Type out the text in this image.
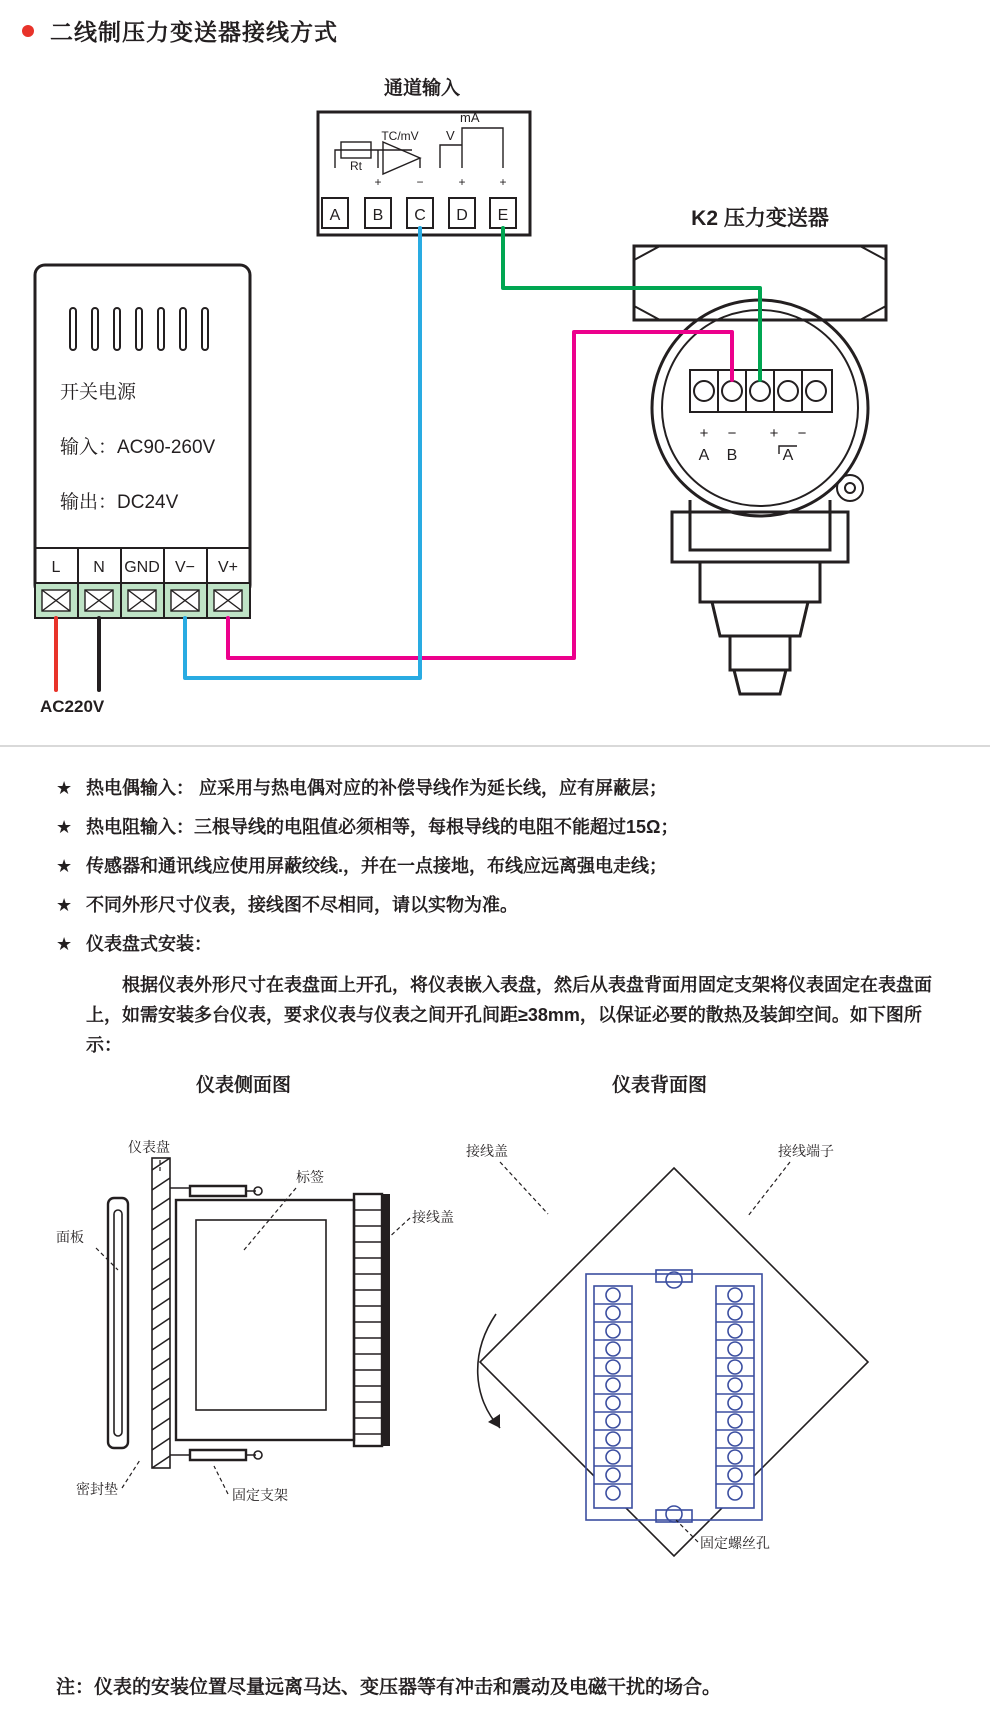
二线制压力变送器接线方式
通道输入
Rt
TC/mV
+	−	+	+
V
mA
A B C D E
开关电源
输入：AC90-260V
输出：DC24V
L N GND V− V+
AC220V
K2 压力变送器
+ − + −
A B	A
★ 热电偶输入： 应采用与热电偶对应的补偿导线作为延长线，应有屏蔽层；
★ 热电阻输入：三根导线的电阻值必须相等，每根导线的电阻不能超过15Ω；
★ 传感器和通讯线应使用屏蔽绞线.，并在一点接地，布线应远离强电走线；
★ 不同外形尺寸仪表，接线图不尽相同，请以实物为准。
★ 仪表盘式安装：
根据仪表外形尺寸在表盘面上开孔，将仪表嵌入表盘，然后从表盘背面用固定支架将仪表固定在表盘面上，如需安装多台仪表，要求仪表与仪表之间开孔间距≥38mm，以保证必要的散热及装卸空间。如下图所示：
仪表侧面图	仪表背面图
仪表盘
面板
标签
接线盖
密封垫	固定支架
接线盖	接线端子
固定螺丝孔
注：仪表的安装位置尽量远离马达、变压器等有冲击和震动及电磁干扰的场合。
